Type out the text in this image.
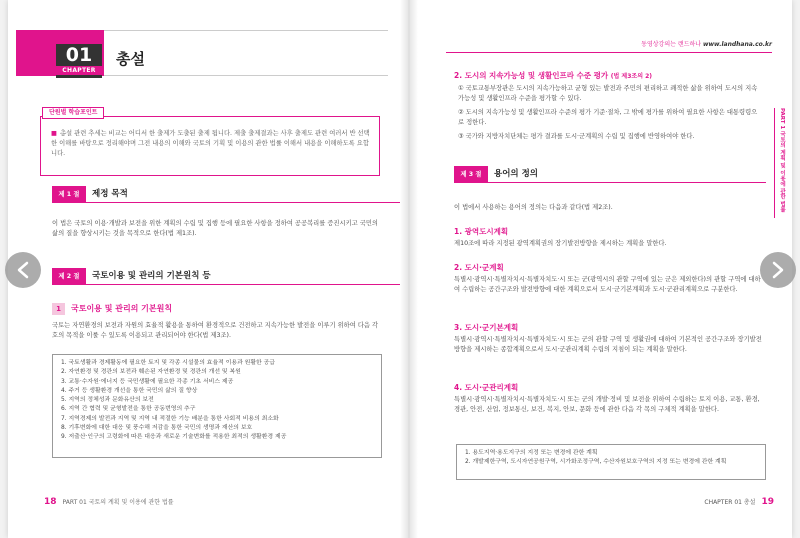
01
CHAPTER
총설
■ 총설 관련 추세는 비교는 어디서 한 출제가 도출된 출제 됩니다. 제출 출제결과는 사후 출제도 관련 여러서 반 선택한 이해를 바탕으로 정리해야며 그전 내용의 이해와 국토의 기획 및 이용의 관한 법률 이해서 내용을 이해하도록 요합니다.
단원별 학습포인트
제 1 절	제정 목적
이 법은 국토의 이용·개발과 보전을 위한 계획의 수립 및 집행 등에 필요한 사항을 정하여 공공복리를 증진시키고 국민의 삶의 질을 향상시키는 것을 목적으로 한다(법 제1조).
제 2 절	국토이용 및 관리의 기본원칙 등
1 국토이용 및 관리의 기본원칙
국토는 자연환경의 보전과 자원의 효율적 활용을 통하여 환경적으로 건전하고 지속가능한 발전을 이루기 위하여 다음 각 호의 목적을 이룰 수 있도록 이용되고 관리되어야 한다(법 제3조).
1. 국토생활과 경제활동에 필요한 토지 및 각종 시설물의 효율적 이용과 원활한 공급
2. 자연환경 및 경관의 보전과 훼손된 자연환경 및 경관의 개선 및 복원
3. 교통·수자원·에너지 등 국민생활에 필요한 각종 기초 서비스 제공
4. 주거 등 생활환경 개선을 통한 국민의 삶의 질 향상
5. 지역의 정체성과 문화유산의 보전
6. 지역 간 협력 및 균형발전을 통한 공동번영의 추구
7. 지역경제의 발전과 지역 및 지역 내 적절한 기능 배분을 통한 사회적 비용의 최소화
8. 기후변화에 대한 대응 및 풍수해 저감을 통한 국민의 생명과 재산의 보호
9. 저출산·인구의 고령화에 따른 대응과 새로운 기술변화를 적용한 최적의 생활환경 제공
18 PART 01 국토의 계획 및 이용에 관한 법률
동영상강의는 랜드하나 www.landhana.co.kr
2. 도시의 지속가능성 및 생활인프라 수준 평가 (법 제3조의 2)
① 국토교통부장관은 도시의 지속가능하고 균형 있는 발전과 주민의 편리하고 쾌적한 삶을 위하여 도시의 지속가능성 및 생활인프라 수준을 평가할 수 있다.
② 도시의 지속가능성 및 생활인프라 수준의 평가 기준·절차, 그 밖에 평가를 위하여 필요한 사항은 대통령령으로 정한다.
③ 국가와 지방자치단체는 평가 결과를 도시·군계획의 수립 및 집행에 반영하여야 한다.	PART 1 국토의 계획 및 이용에 관한 법률
제 3 절	용어의 정의
이 법에서 사용하는 용어의 정의는 다음과 같다(법 제2조).
1. 광역도시계획
제10조에 따라 지정된 광역계획권의 장기발전방향을 제시하는 계획을 말한다.
2. 도시·군계획
특별시·광역시·특별자치시·특별자치도·시 또는 군(광역시의 관할 구역에 있는 군은 제외한다)의 관할 구역에 대하여 수립하는 공간구조와 발전방향에 대한 계획으로서 도시·군기본계획과 도시·군관리계획으로 구분한다.
3. 도시·군기본계획
특별시·광역시·특별자치시·특별자치도·시 또는 군의 관할 구역 및 생활권에 대하여 기본적인 공간구조와 장기발전방향을 제시하는 종합계획으로서 도시·군관리계획 수립의 지침이 되는 계획을 말한다.
4. 도시·군관리계획
특별시·광역시·특별자치시·특별자치도·시 또는 군의 개발·정비 및 보전을 위하여 수립하는 토지 이용, 교통, 환경, 경관, 안전, 산업, 정보통신, 보건, 복지, 안보, 문화 등에 관한 다음 각 목의 구체적 계획을 말한다.
1. 용도지역·용도지구의 지정 또는 변경에 관한 계획
2. 개발제한구역, 도시자연공원구역, 시가화조정구역, 수산자원보호구역의 지정 또는 변경에 관한 계획
CHAPTER 01 총설 19
